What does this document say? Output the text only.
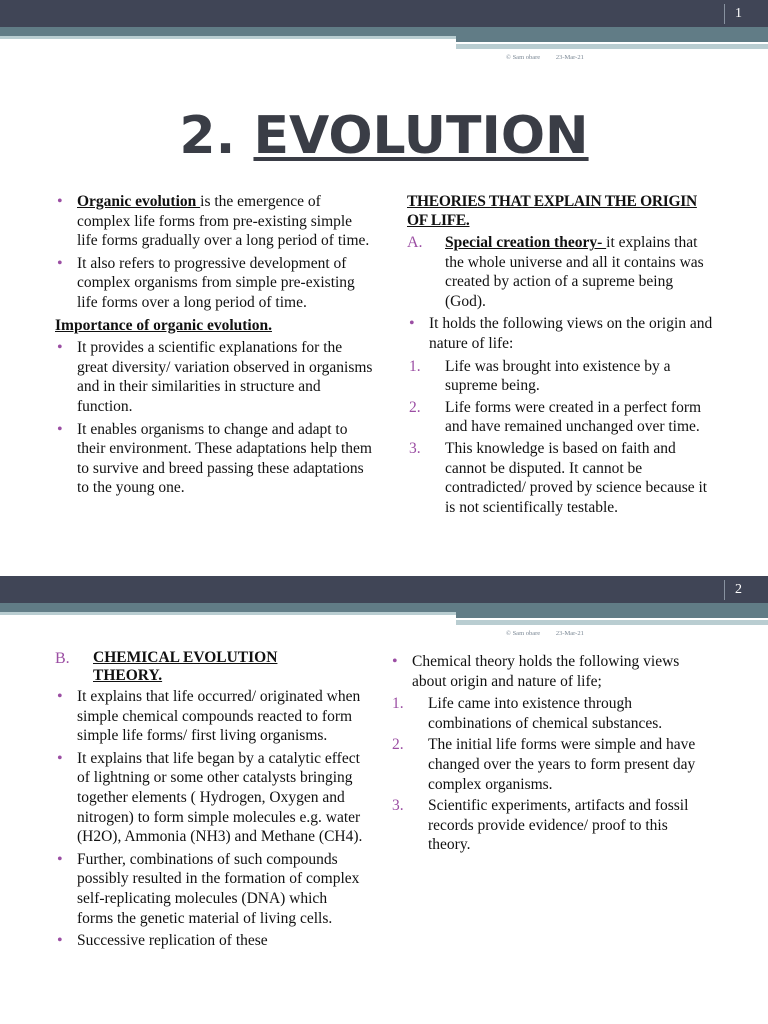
1
© Sam obare 23-Mar-21
2. EVOLUTION
• Organic evolution is the emergence of complex life forms from pre-existing simple life forms gradually over a long period of time.
• It also refers to progressive development of complex organisms from simple pre-existing life forms over a long period of time.
Importance of organic evolution.
• It provides a scientific explanations for the great diversity/ variation observed in organisms and in their similarities in structure and function.
• It enables organisms to change and adapt to their environment. These adaptations help them to survive and breed passing these adaptations to the young one.
THEORIES THAT EXPLAIN THE ORIGIN OF LIFE.
A. Special creation theory- it explains that the whole universe and all it contains was created by action of a supreme being (God).
• It holds the following views on the origin and nature of life:
1. Life was brought into existence by a supreme being.
2. Life forms were created in a perfect form and have remained unchanged over time.
3. This knowledge is based on faith and cannot be disputed. It cannot be contradicted/ proved by science because it is not scientifically testable.
2
© Sam obare 23-Mar-21
B. CHEMICAL EVOLUTION THEORY.
• It explains that life occurred/ originated when simple chemical compounds reacted to form simple life forms/ first living organisms.
• It explains that life began by a catalytic effect of lightning or some other catalysts bringing together elements ( Hydrogen, Oxygen and nitrogen) to form simple molecules e.g. water (H2O), Ammonia (NH3) and Methane (CH4).
• Further, combinations of such compounds possibly resulted in the formation of complex self-replicating molecules (DNA) which forms the genetic material of living cells.
• Successive replication of these
• Chemical theory holds the following views about origin and nature of life;
1. Life came into existence through combinations of chemical substances.
2. The initial life forms were simple and have changed over the years to form present day complex organisms.
3. Scientific experiments, artifacts and fossil records provide evidence/ proof to this theory.
